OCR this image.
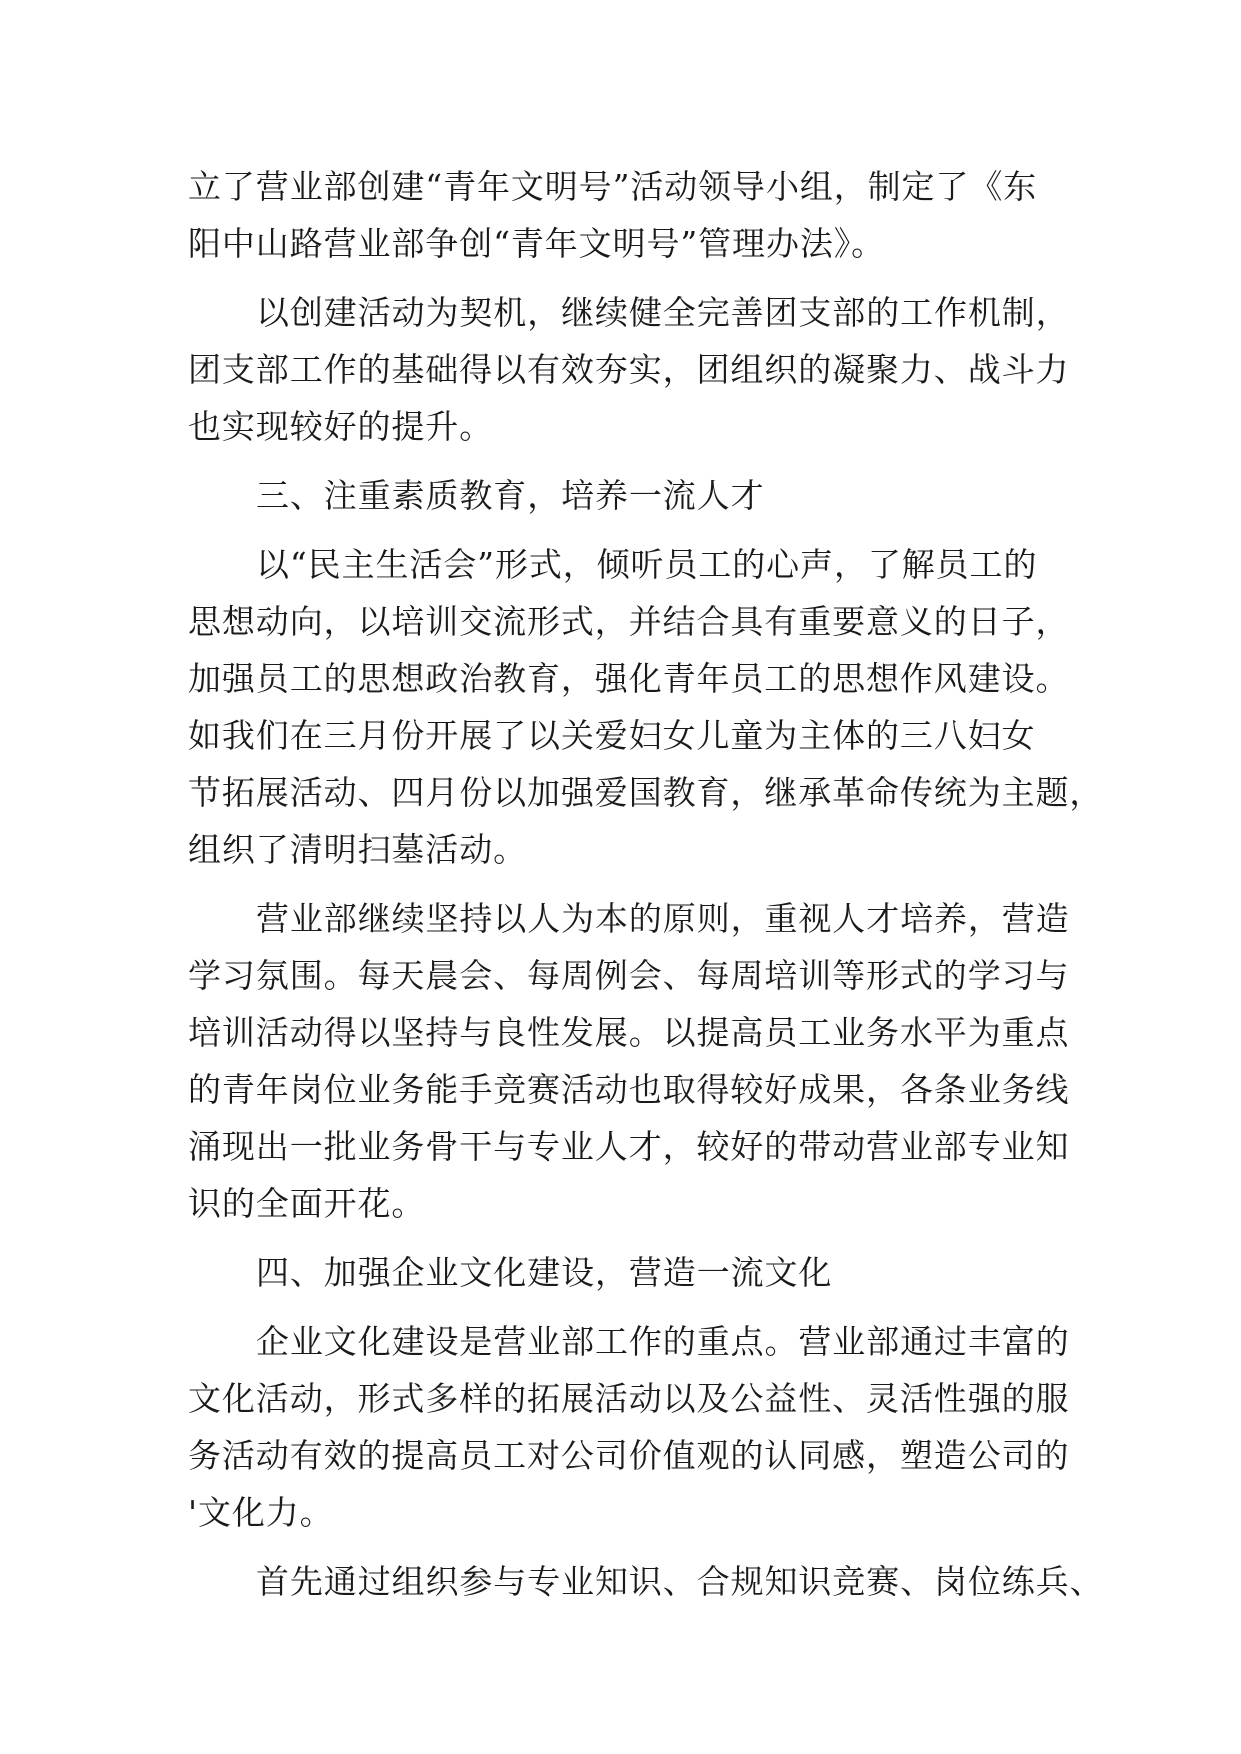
立了营业部创建“青年文明号”活动领导小组，制定了《东
阳中山路营业部争创“青年文明号”管理办法》。
以创建活动为契机，继续健全完善团支部的工作机制，
团支部工作的基础得以有效夯实，团组织的凝聚力、战斗力
也实现较好的提升。
三、注重素质教育，培养一流人才
以“民主生活会”形式，倾听员工的心声，了解员工的
思想动向，以培训交流形式，并结合具有重要意义的日子，
加强员工的思想政治教育，强化青年员工的思想作风建设。
如我们在三月份开展了以关爱妇女儿童为主体的三八妇女
节拓展活动、四月份以加强爱国教育，继承革命传统为主题，
组织了清明扫墓活动。
营业部继续坚持以人为本的原则，重视人才培养，营造
学习氛围。每天晨会、每周例会、每周培训等形式的学习与
培训活动得以坚持与良性发展。以提高员工业务水平为重点
的青年岗位业务能手竞赛活动也取得较好成果，各条业务线
涌现出一批业务骨干与专业人才，较好的带动营业部专业知
识的全面开花。
四、加强企业文化建设，营造一流文化
企业文化建设是营业部工作的重点。营业部通过丰富的
文化活动，形式多样的拓展活动以及公益性、灵活性强的服
务活动有效的提高员工对公司价值观的认同感，塑造公司的
'文化力。
首先通过组织参与专业知识、合规知识竞赛、岗位练兵、
